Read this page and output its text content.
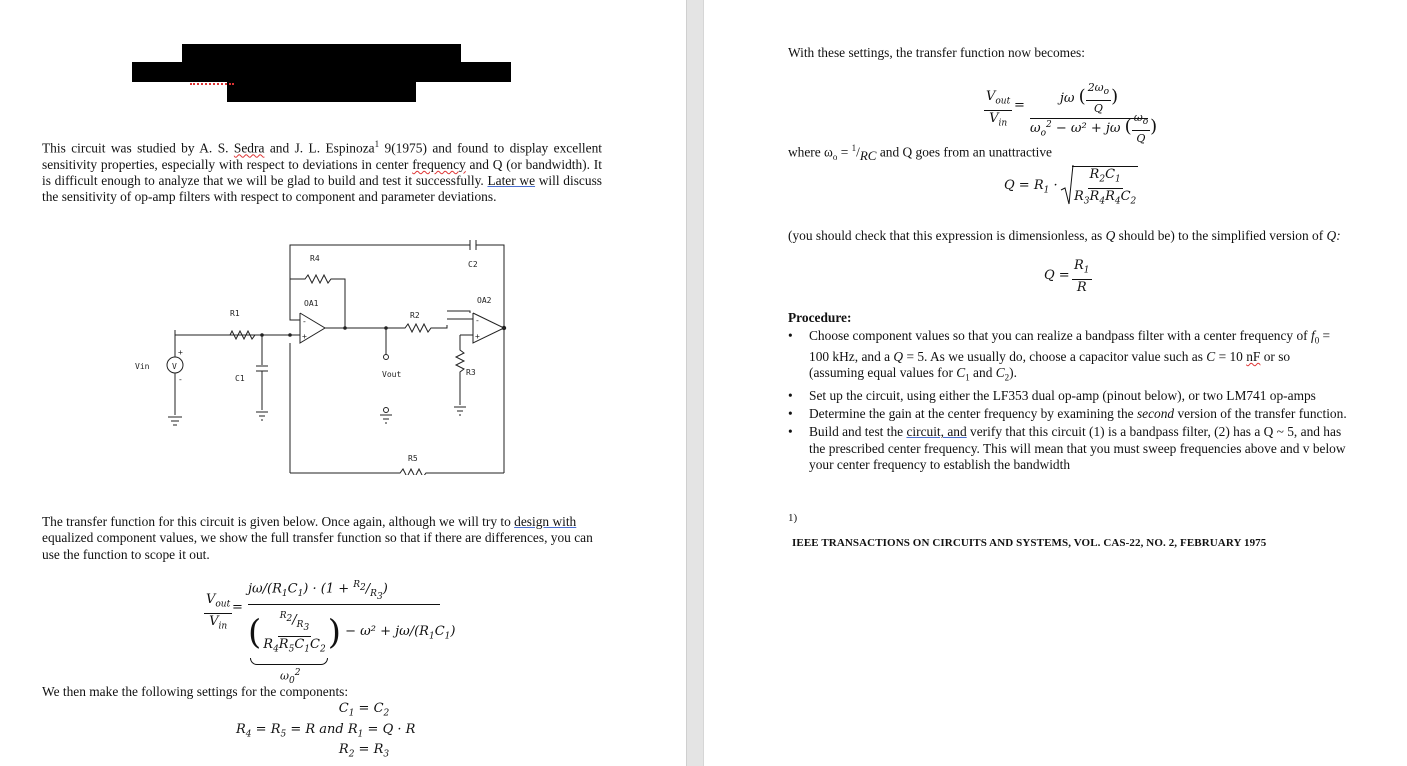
This circuit was studied by A. S. Sedra and J. L. Espinoza$^1$ 9(1975) and found to display excellent sensitivity properties, especially with respect to deviations in center frequency and Q (or bandwidth). It is difficult enough to analyze that we will be glad to build and test it successfully. Later we will discuss the sensitivity of op-amp filters with respect to component and parameter deviations.
R4
C2
OA1	OA2
R1	R2
Vin	V
C1	Vout	R3
R5
+
-
-
+
-
+
The transfer function for this circuit is given below. Once again, although we will try to design with equalized component values, we show the full transfer function so that if there are differences, you can use the function to scope it out.
$V_{out}$
$V_{in}$
=
$j\omega/(R_1C_1) \cdot (1 + ^{R_2}/_{R_3})$
( $\frac{^{R_2}/_{R_3}}{R_4R_5C_1C_2}$ ) − $\omega^2 + j\omega/(R_1C_1)$
$\omega_0^2$
We then make the following settings for the components:
$C_1 = C_2$
$R_4 = R_5 = R$ and $R_1 = Q \cdot R$
$R_2 = R_3$
With these settings, the transfer function now becomes:
$V_{out}$
$V_{in}$
=	jω ( $\frac{2\omega_o}{Q}$ )
$\omega_o^2 - \omega^2 + j\omega$ ( $\frac{\omega_o}{Q}$ )
where $\omega_o = ^1/_{RC}$ and Q goes from an unattractive
$Q = R_1 \cdot \frac{R_2C_1}{R_3R_4R_4C_2}$
(you should check that this expression is dimensionless, as Q should be) to the simplified version of Q:
$Q = \frac{R_1}{R}$
Procedure:
• Choose component values so that you can realize a bandpass filter with a center frequency of $f_0 = 100$ kHz, and a Q = 5. As we usually do, choose a capacitor value such as C = 10 nF or so (assuming equal values for $C_1$ and $C_2$).
• Set up the circuit, using either the LF353 dual op-amp (pinout below), or two LM741 op-amps
• Determine the gain at the center frequency by examining the second version of the transfer function.
• Build and test the circuit, and verify that this circuit (1) is a bandpass filter, (2) has a Q ~ 5, and has the prescribed center frequency. This will mean that you must sweep frequencies above and v below your center frequency to establish the bandwidth
1)
IEEE TRANSACTIONS ON CIRCUITS AND SYSTEMS, VOL. CAS-22, NO. 2, FEBRUARY 1975
